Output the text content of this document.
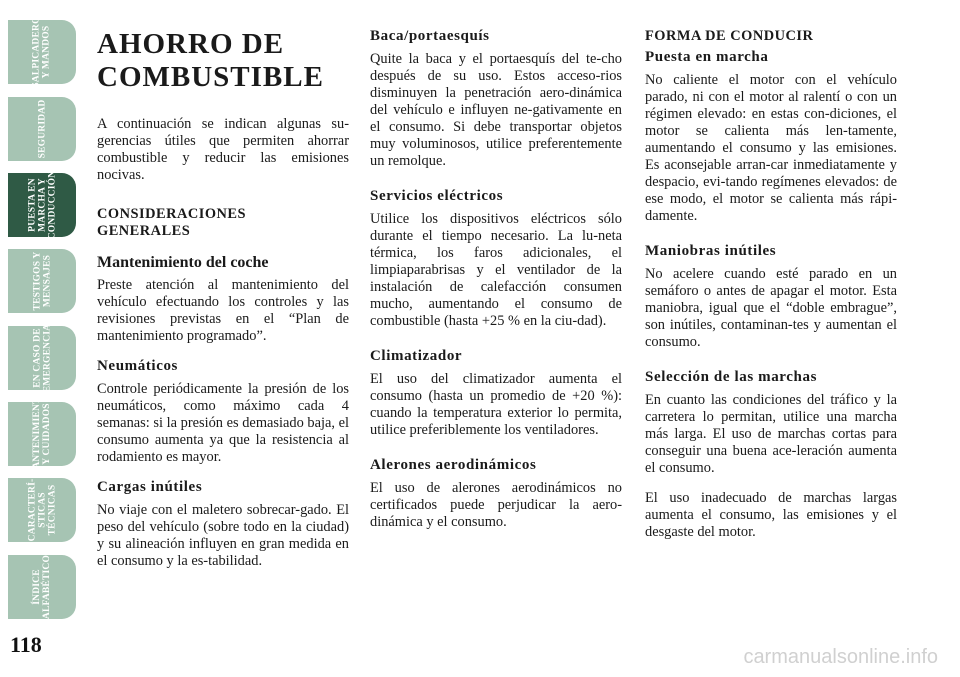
SALPICADERO
Y MANDOS
SEGURIDAD
PUESTA EN
MARCHA Y
CONDUCCIÓN
TESTIGOS Y
MENSAJES
EN CASO DE
EMERGENCIA
MANTENIMIENTO
Y CUIDADOS
CARACTERÍ-
STICAS
TÉCNICAS
ÍNDICE
ALFABÉTICO
118
AHORRO DE
COMBUSTIBLE

A continuación se indican algunas su-gerencias útiles que permiten ahorrar combustible y reducir las emisiones nocivas.

CONSIDERACIONES
GENERALES
Mantenimiento del coche

Preste atención al mantenimiento del vehículo efectuando los controles y las revisiones previstas en el “Plan de mantenimiento programado”.

Neumáticos

Controle periódicamente la presión de los neumáticos, como máximo cada 4 semanas: si la presión es demasiado baja, el consumo aumenta ya que la resistencia al rodamiento es mayor.

Cargas inútiles

No viaje con el maletero sobrecar-gado. El peso del vehículo (sobre todo en la ciudad) y su alineación influyen en gran medida en el consumo y la es-tabilidad.

Baca/portaesquís

Quite la baca y el portaesquís del te-cho después de su uso. Estos acceso-rios disminuyen la penetración aero-dinámica del vehículo e influyen ne-gativamente en el consumo. Si debe transportar objetos muy voluminosos, utilice preferentemente un remolque.

Servicios eléctricos

Utilice los dispositivos eléctricos sólo durante el tiempo necesario. La lu-neta térmica, los faros adicionales, el limpiaparabrisas y el ventilador de la instalación de calefacción consumen mucho, aumentando el consumo de combustible (hasta +25 % en la ciu-dad).

Climatizador

El uso del climatizador aumenta el consumo (hasta un promedio de +20 %): cuando la temperatura exterior lo permita, utilice preferiblemente los ventiladores.

Alerones aerodinámicos

El uso de alerones aerodinámicos no certificados puede perjudicar la aero-dinámica y el consumo.

FORMA DE CONDUCIR
Puesta en marcha

No caliente el motor con el vehículo parado, ni con el motor al ralentí o con un régimen elevado: en estas con-diciones, el motor se calienta más len-tamente, aumentando el consumo y las emisiones. Es aconsejable arran-car inmediatamente y despacio, evi-tando regímenes elevados: de ese modo, el motor se calienta más rápi-damente.

Maniobras inútiles

No acelere cuando esté parado en un semáforo o antes de apagar el motor. Esta maniobra, igual que el “doble embrague”, son inútiles, contaminan-tes y aumentan el consumo.

Selección de las marchas

En cuanto las condiciones del tráfico y la carretera lo permitan, utilice una marcha más larga. El uso de marchas cortas para conseguir una buena ace-leración aumenta el consumo.

El uso inadecuado de marchas largas aumenta el consumo, las emisiones y el desgaste del motor.

carmanualsonline.info
